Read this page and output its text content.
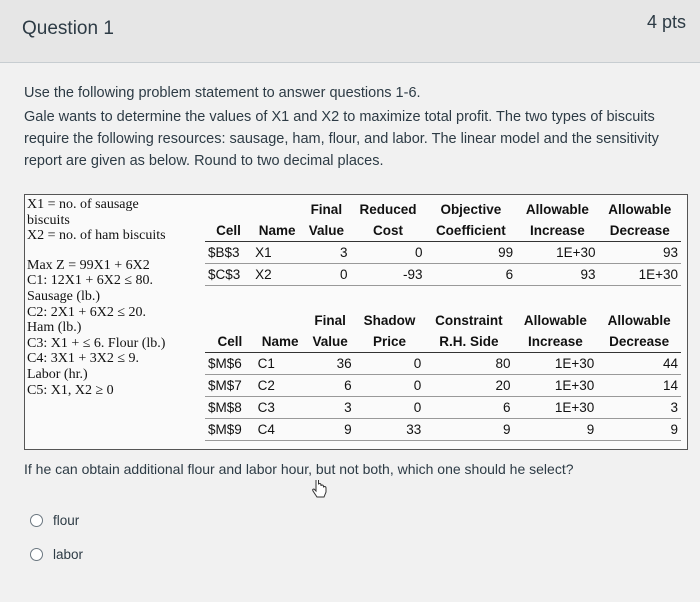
Question 1	4 pts
Use the following problem statement to answer questions 1-6.
Gale wants to determine the values of X1 and X2 to maximize total profit. The two types of biscuits require the following resources: sausage, ham, flour, and labor. The linear model and the sensitivity report are given as below. Round to two decimal places.
X1 = no. of sausage
biscuits
X2 = no. of ham biscuits
Max Z = 99X1 + 6X2
C1: 12X1 + 6X2 ≤ 80.
Sausage (lb.)
C2: 2X1 + 6X2 ≤ 20.
Ham (lb.)
C3: X1 + ≤ 6. Flour (lb.)
C4: 3X1 + 3X2 ≤ 9.
Labor (hr.)
C5: X1, X2 ≥ 0
		Final	Reduced	Objective	Allowable	Allowable
Cell	Name	Value	Cost	Coefficient	Increase	Decrease
$B$3	X1	3	0	99	1E+30	93
$C$3	X2	0	-93	6	93	1E+30
		Final	Shadow	Constraint	Allowable	Allowable
Cell	Name	Value	Price	R.H. Side	Increase	Decrease
$M$6	C1	36	0	80	1E+30	44
$M$7	C2	6	0	20	1E+30	14
$M$8	C3	3	0	6	1E+30	3
$M$9	C4	9	33	9	9	9
If he can obtain additional flour and labor hour, but not both, which one should he select?
flour
labor
